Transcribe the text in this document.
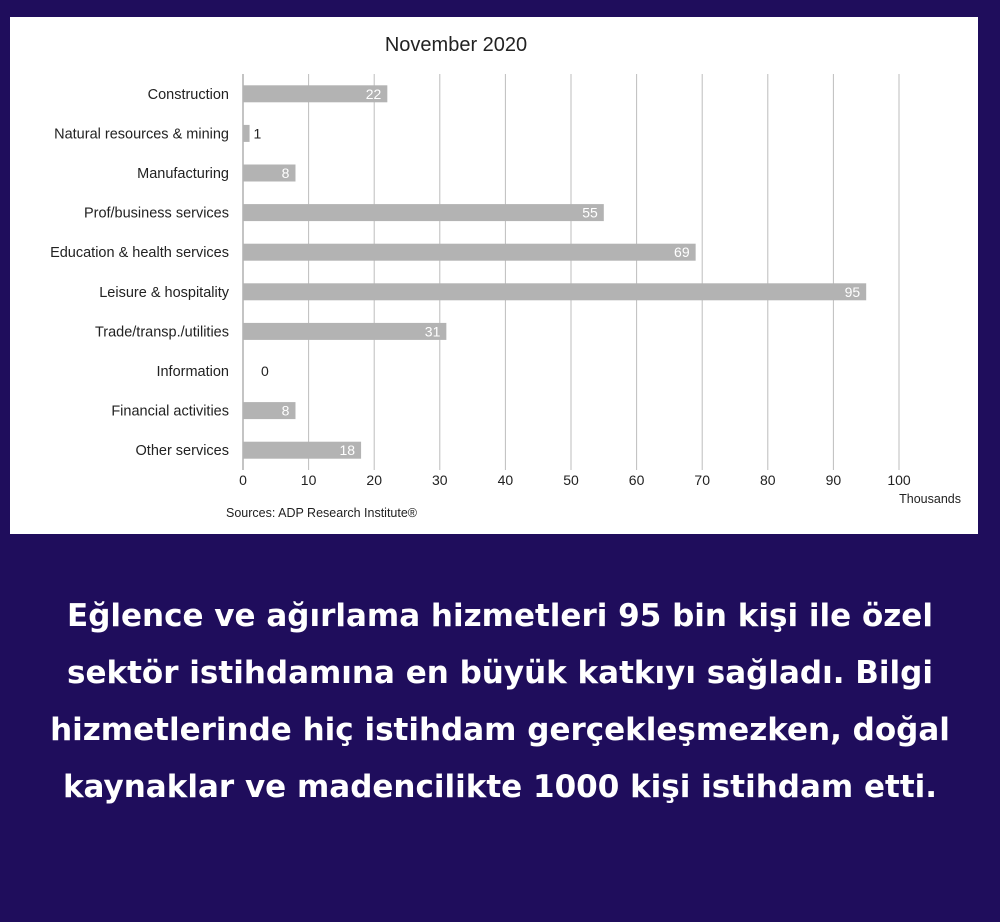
November 2020
22
1
8
55
69
95
31
0
8
18
Construction
Natural resources & mining
Manufacturing
Prof/business services
Education & health services
Leisure & hospitality
Trade/transp./utilities
Information
Financial activities
Other services
0	10	20	30	40	50	60	70	80	90	100
Thousands
Sources: ADP Research Institute®

Eğlence ve ağırlama hizmetleri 95 bin kişi ile özel sektör istihdamına en büyük katkıyı sağladı. Bilgi hizmetlerinde hiç istihdam gerçekleşmezken, doğal kaynaklar ve madencilikte 1000 kişi istihdam etti.
